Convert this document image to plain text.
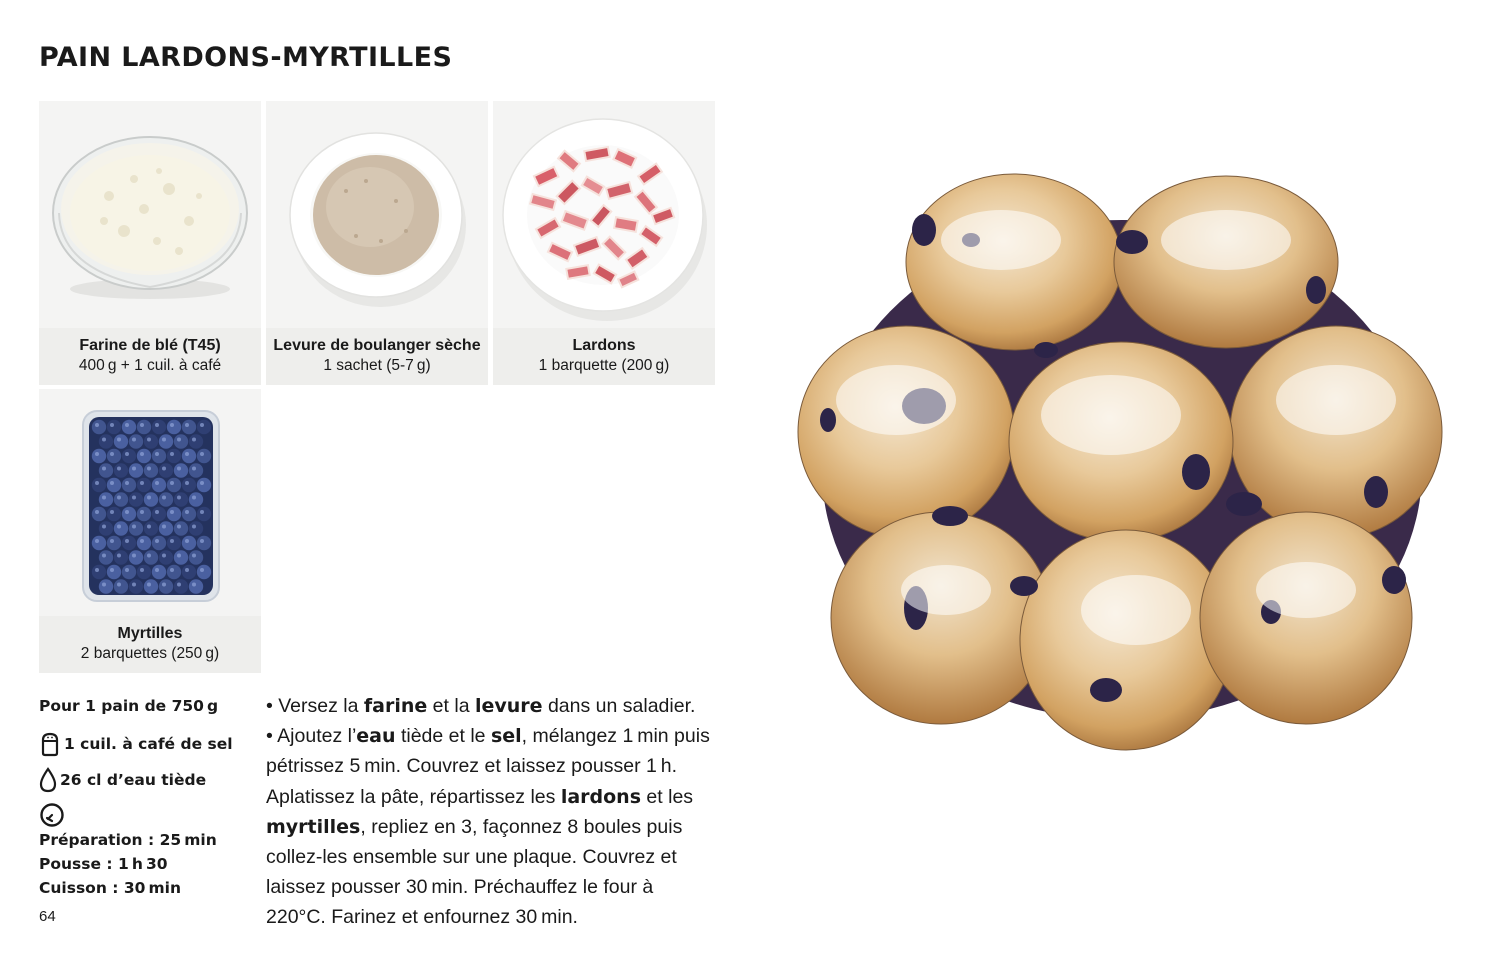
PAIN LARDONS-MYRTILLES
Farine de blé (T45)
400 g + 1 cuil. à café
Levure de boulanger sèche
1 sachet (5-7 g)
Lardons
1 barquette (200 g)
Myrtilles
2 barquettes (250 g)
Pour 1 pain de 750 g
1 cuil. à café de sel
26 cl d’eau tiède
Préparation : 25 min
Pousse : 1 h 30
Cuisson : 30 min
64

• Versez la farine et la levure dans un saladier.

• Ajoutez l’eau tiède et le sel, mélangez 1 min puis pétrissez 5 min. Couvrez et laissez pousser 1 h. Aplatissez la pâte, répartissez les lardons et les myrtilles, repliez en 3, façonnez 8 boules puis collez-les ensemble sur une plaque. Couvrez et laissez pousser 30 min. Préchauffez le four à 220°C. Farinez et enfournez 30 min.
